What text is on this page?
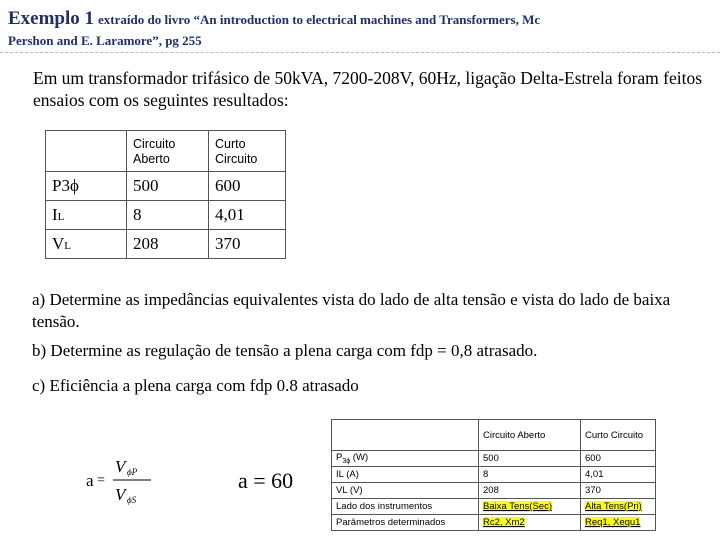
Exemplo 1 extraído do livro “An introduction to electrical machines and Transformers, Mc
Pershon and E. Laramore”, pg 255
Em um transformador trifásico de 50kVA, 7200-208V, 60Hz, ligação Delta-Estrela foram feitos ensaios com os seguintes resultados:
	Circuito Aberto	Curto Circuito
P3ϕ	500	600
IL	8	4,01
VL	208	370
a) Determine as impedâncias equivalentes vista do lado de alta tensão e vista do lado de baixa tensão.
b) Determine as regulação de tensão a plena carga com fdp = 0,8 atrasado.
c) Eficiência a plena carga com fdp 0.8 atrasado
a =
V ϕP
V ϕS
a = 60
	Circuito Aberto	Curto Circuito
$P_{3\phi}$ (W)	500	600
IL (A)	8	4,01
VL (V)	208	370
Lado dos instrumentos	Baixa Tens(Sec)	Alta Tens(Pri)
Parâmetros determinados	Rc2, Xm2	Req1, Xequ1
